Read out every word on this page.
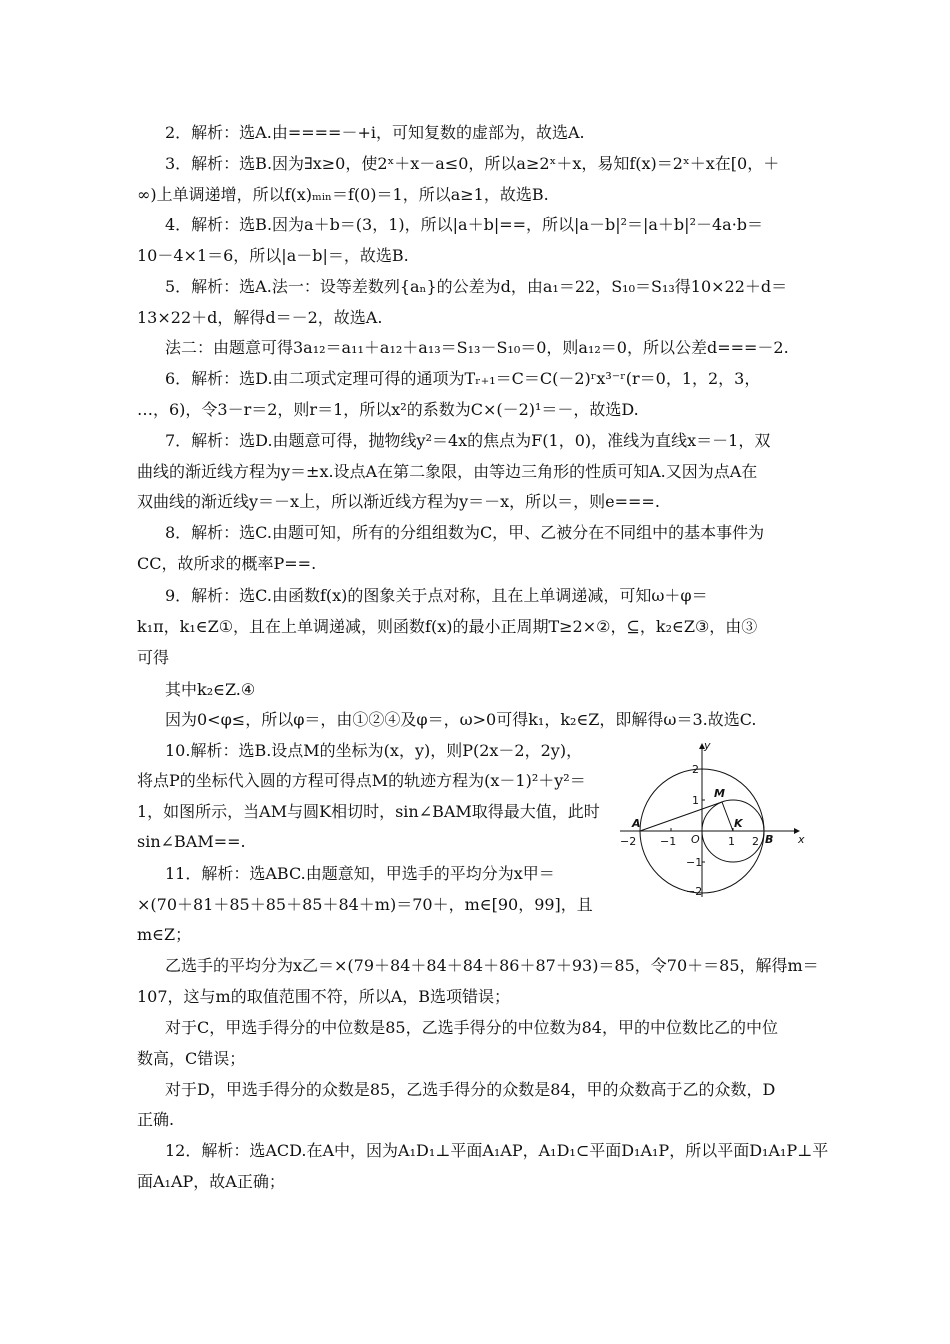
2．解析：选A.由====－+i，可知复数的虚部为，故选A.
3．解析：选B.因为∃x≥0，使2ˣ＋x－a≤0，所以a≥2ˣ＋x，易知f(x)＝2ˣ＋x在[0，＋
∞)上单调递增，所以f(x)ₘᵢₙ＝f(0)＝1，所以a≥1，故选B.
4．解析：选B.因为a＋b＝(3，1)，所以|a＋b|==，所以|a－b|²＝|a＋b|²－4a·b＝
10－4×1＝6，所以|a－b|＝，故选B.
5．解析：选A.法一：设等差数列{aₙ}的公差为d，由a₁＝22，S₁₀＝S₁₃得10×22＋d＝
13×22＋d，解得d＝－2，故选A.
法二：由题意可得3a₁₂＝a₁₁＋a₁₂＋a₁₃＝S₁₃－S₁₀＝0，则a₁₂＝0，所以公差d===－2.
6．解析：选D.由二项式定理可得的通项为Tᵣ₊₁＝C＝C(－2)ʳx³⁻ʳ(r＝0，1，2，3，
…，6)，令3－r＝2，则r＝1，所以x²的系数为C×(－2)¹＝－，故选D.
7．解析：选D.由题意可得，抛物线y²＝4x的焦点为F(1，0)，准线为直线x＝－1，双
曲线的渐近线方程为y＝±x.设点A在第二象限，由等边三角形的性质可知A.又因为点A在
双曲线的渐近线y＝－x上，所以渐近线方程为y＝－x，所以＝，则e===.
8．解析：选C.由题可知，所有的分组组数为C，甲、乙被分在不同组中的基本事件为
CC，故所求的概率P==.
9．解析：选C.由函数f(x)的图象关于点对称，且在上单调递减，可知ω＋φ＝
k₁π，k₁∈Z①，且在上单调递减，则函数f(x)的最小正周期T≥2×②，⊆，k₂∈Z③，由③
可得
其中k₂∈Z.④
因为0<φ≤，所以φ＝，由①②④及φ＝，ω>0可得k₁，k₂∈Z，即解得ω＝3.故选C.
10.解析：选B.设点M的坐标为(x，y)，则P(2x－2，2y)，
将点P的坐标代入圆的方程可得点M的轨迹方程为(x－1)²＋y²＝
1，如图所示，当AM与圆K相切时，sin∠BAM取得最大值，此时
sin∠BAM==.
11．解析：选ABC.由题意知，甲选手的平均分为x甲＝
×(70＋81＋85＋85＋85＋84＋m)＝70＋，m∈[90，99]，且
m∈Z；
乙选手的平均分为x乙＝×(79＋84＋84＋84＋86＋87＋93)＝85，令70＋＝85，解得m＝
107，这与m的取值范围不符，所以A，B选项错误；
对于C，甲选手得分的中位数是85，乙选手得分的中位数为84，甲的中位数比乙的中位
数高，C错误；
对于D，甲选手得分的众数是85，乙选手得分的众数是84，甲的众数高于乙的众数，D
正确.
12．解析：选ACD.在A中，因为A₁D₁⊥平面A₁AP，A₁D₁⊂平面D₁A₁P，所以平面D₁A₁P⊥平
面A₁AP，故A正确；
y
x
O
−2 −1	1 2
2
1
−1
−2
A
B
M
K
